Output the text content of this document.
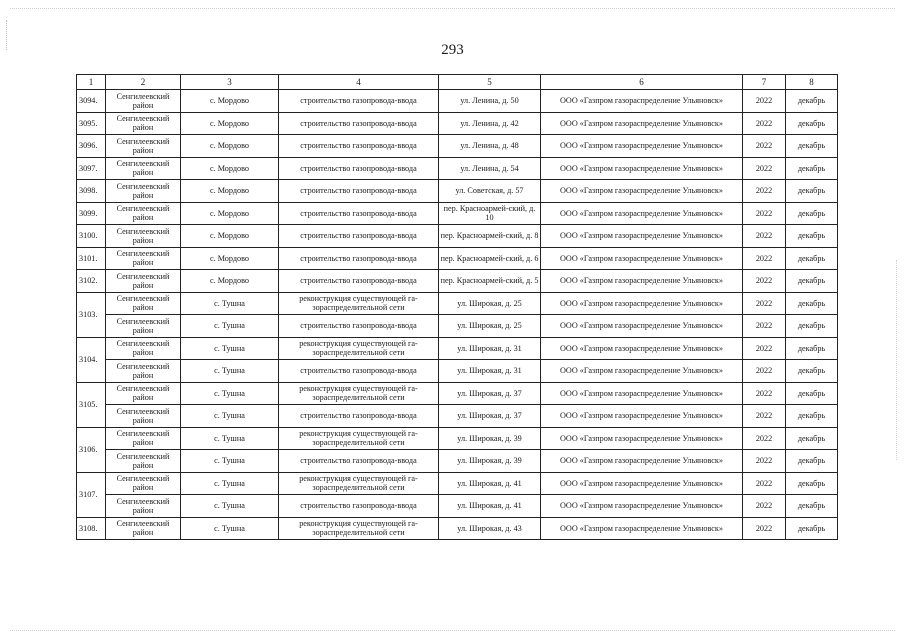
293
1	2	3	4	5	6	7	8
3094.	Сенгилеевский район	с. Мордово	строительство газопровода-ввода	ул. Ленина, д. 50	ООО «Газпром газораспределение Ульяновск»	2022	декабрь
3095.	Сенгилеевский район	с. Мордово	строительство газопровода-ввода	ул. Ленина, д. 42	ООО «Газпром газораспределение Ульяновск»	2022	декабрь
3096.	Сенгилеевский район	с. Мордово	строительство газопровода-ввода	ул. Ленина, д. 48	ООО «Газпром газораспределение Ульяновск»	2022	декабрь
3097.	Сенгилеевский район	с. Мордово	строительство газопровода-ввода	ул. Ленина, д. 54	ООО «Газпром газораспределение Ульяновск»	2022	декабрь
3098.	Сенгилеевский район	с. Мордово	строительство газопровода-ввода	ул. Советская, д. 57	ООО «Газпром газораспределение Ульяновск»	2022	декабрь
3099.	Сенгилеевский район	с. Мордово	строительство газопровода-ввода	пер. Красноармей-ский, д. 10	ООО «Газпром газораспределение Ульяновск»	2022	декабрь
3100.	Сенгилеевский район	с. Мордово	строительство газопровода-ввода	пер. Красноармей-ский, д. 8	ООО «Газпром газораспределение Ульяновск»	2022	декабрь
3101.	Сенгилеевский район	с. Мордово	строительство газопровода-ввода	пер. Красноармей-ский, д. 6	ООО «Газпром газораспределение Ульяновск»	2022	декабрь
3102.	Сенгилеевский район	с. Мордово	строительство газопровода-ввода	пер. Красноармей-ский, д. 5	ООО «Газпром газораспределение Ульяновск»	2022	декабрь
3103.	Сенгилеевский район	с. Тушна	реконструкция существующей га-зораспределительной сети	ул. Широкая, д. 25	ООО «Газпром газораспределение Ульяновск»	2022	декабрь
	Сенгилеевский район	с. Тушна	строительство газопровода-ввода	ул. Широкая, д. 25	ООО «Газпром газораспределение Ульяновск»	2022	декабрь
3104.	Сенгилеевский район	с. Тушна	реконструкция существующей га-зораспределительной сети	ул. Широкая, д. 31	ООО «Газпром газораспределение Ульяновск»	2022	декабрь
	Сенгилеевский район	с. Тушна	строительство газопровода-ввода	ул. Широкая, д. 31	ООО «Газпром газораспределение Ульяновск»	2022	декабрь
3105.	Сенгилеевский район	с. Тушна	реконструкция существующей га-зораспределительной сети	ул. Широкая, д. 37	ООО «Газпром газораспределение Ульяновск»	2022	декабрь
	Сенгилеевский район	с. Тушна	строительство газопровода-ввода	ул. Широкая, д. 37	ООО «Газпром газораспределение Ульяновск»	2022	декабрь
3106.	Сенгилеевский район	с. Тушна	реконструкция существующей га-зораспределительной сети	ул. Широкая, д. 39	ООО «Газпром газораспределение Ульяновск»	2022	декабрь
	Сенгилеевский район	с. Тушна	строительство газопровода-ввода	ул. Широкая, д. 39	ООО «Газпром газораспределение Ульяновск»	2022	декабрь
3107.	Сенгилеевский район	с. Тушна	реконструкция существующей га-зораспределительной сети	ул. Широкая, д. 41	ООО «Газпром газораспределение Ульяновск»	2022	декабрь
	Сенгилеевский район	с. Тушна	строительство газопровода-ввода	ул. Широкая, д. 41	ООО «Газпром газораспределение Ульяновск»	2022	декабрь
3108.	Сенгилеевский район	с. Тушна	реконструкция существующей га-зораспределительной сети	ул. Широкая, д. 43	ООО «Газпром газораспределение Ульяновск»	2022	декабрь
